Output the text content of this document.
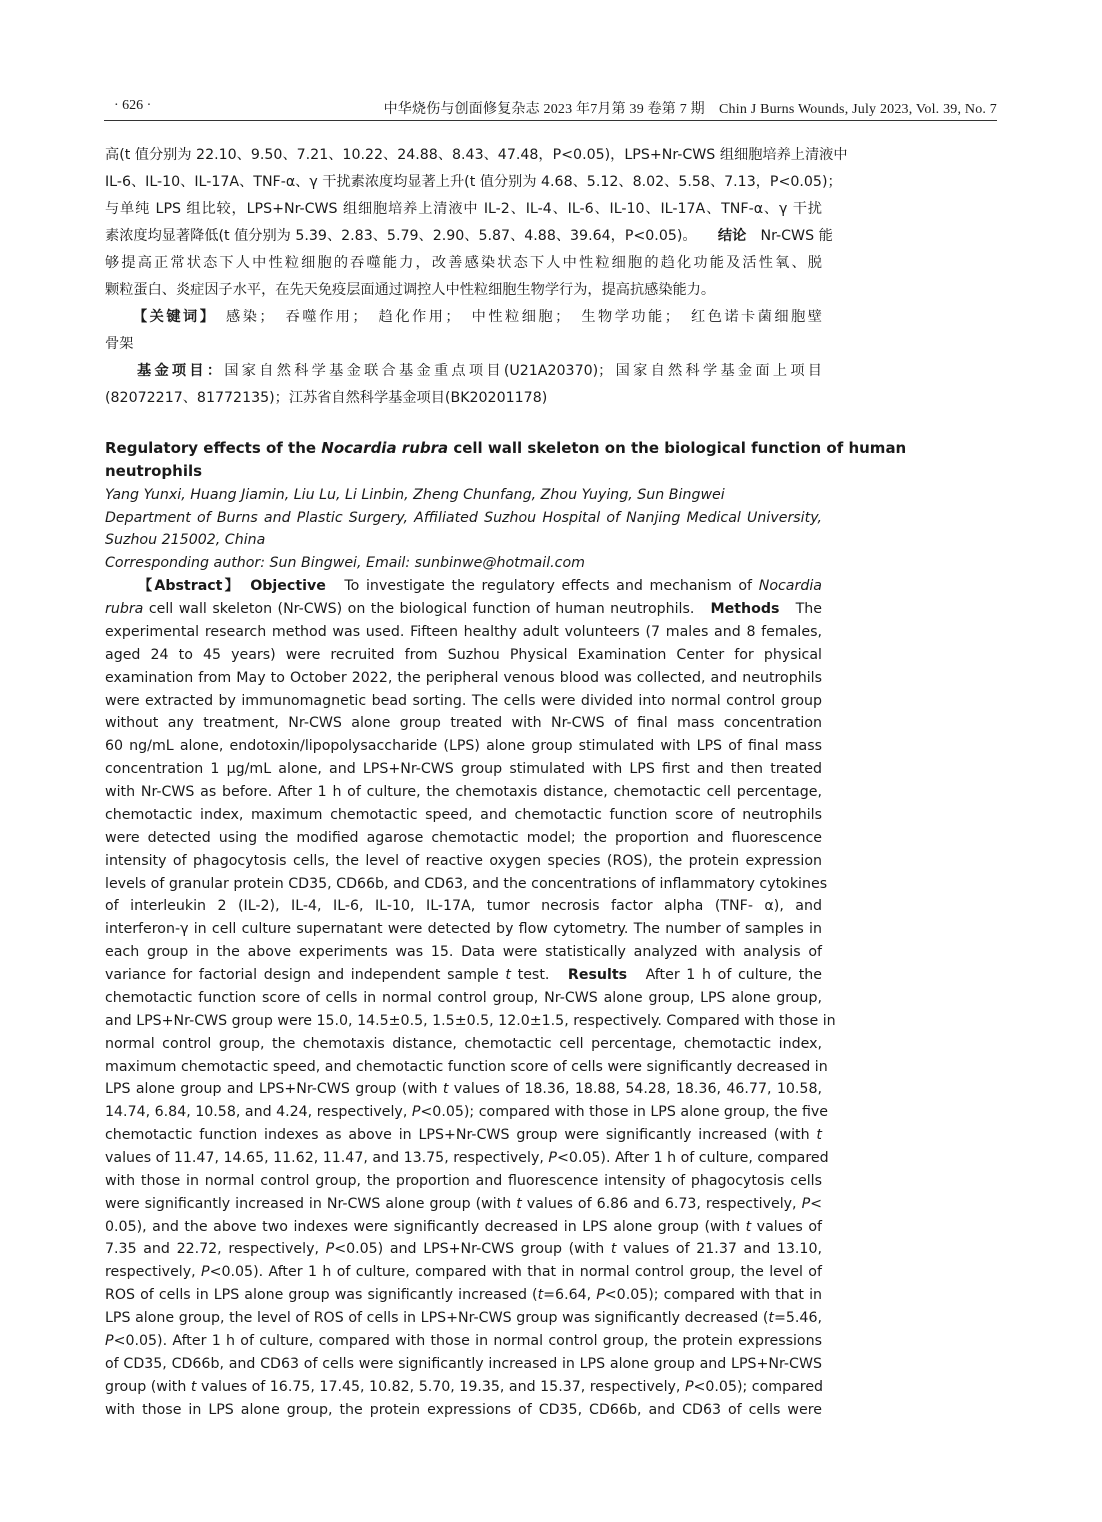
· 626 ·	中华烧伤与创面修复杂志 2023 年7月第 39 卷第 7 期　Chin J Burns Wounds, July 2023, Vol. 39, No. 7
高(t 值分别为 22.10、9.50、7.21、10.22、24.88、8.43、47.48，P<0.05)，LPS+Nr-CWS 组细胞培养上清液中
IL-6、IL-10、IL-17A、TNF-α、γ 干扰素浓度均显著上升(t 值分别为 4.68、5.12、8.02、5.58、7.13，P<0.05)；
与单纯 LPS 组比较，LPS+Nr-CWS 组细胞培养上清液中 IL-2、IL-4、IL-6、IL-10、IL-17A、TNF-α、γ 干扰
素浓度均显著降低(t 值分别为 5.39、2.83、5.79、2.90、5.87、4.88、39.64，P<0.05)。　　 结论　 Nr-CWS 能
够提高正常状态下人中性粒细胞的吞噬能力，改善感染状态下人中性粒细胞的趋化功能及活性氧、脱
颗粒蛋白、炎症因子水平，在先天免疫层面通过调控人中性粒细胞生物学行为，提高抗感染能力。
【关键词】　 感染；　吞噬作用；　趋化作用；　中性粒细胞；　生物学功能；　红色诺卡菌细胞壁
骨架
基金项目：国家自然科学基金联合基金重点项目(U21A20370)；国家自然科学基金面上项目
(82072217、81772135)；江苏省自然科学基金项目(BK20201178)
Regulatory effects of the Nocardia rubra cell wall skeleton on the biological function of human
neutrophils
Yang Yunxi, Huang Jiamin, Liu Lu, Li Linbin, Zheng Chunfang, Zhou Yuying, Sun Bingwei
Department of Burns and Plastic Surgery, Affiliated Suzhou Hospital of Nanjing Medical University,
Suzhou 215002, China
Corresponding author: Sun Bingwei, Email: sunbinwe@hotmail.com
【Abstract】　 Objective　 To investigate the regulatory effects and mechanism of Nocardia
rubra cell wall skeleton (Nr-CWS) on the biological function of human neutrophils.　 Methods　 The
experimental research method was used. Fifteen healthy adult volunteers (7 males and 8 females,
aged 24 to 45 years) were recruited from Suzhou Physical Examination Center for physical
examination from May to October 2022, the peripheral venous blood was collected, and neutrophils
were extracted by immunomagnetic bead sorting. The cells were divided into normal control group
without any treatment, Nr-CWS alone group treated with Nr-CWS of final mass concentration
60 ng/mL alone, endotoxin/lipopolysaccharide (LPS) alone group stimulated with LPS of final mass
concentration 1 μg/mL alone, and LPS+Nr-CWS group stimulated with LPS first and then treated
with Nr-CWS as before. After 1 h of culture, the chemotaxis distance, chemotactic cell percentage,
chemotactic index, maximum chemotactic speed, and chemotactic function score of neutrophils
were detected using the modified agarose chemotactic model; the proportion and fluorescence
intensity of phagocytosis cells, the level of reactive oxygen species (ROS), the protein expression
levels of granular protein CD35, CD66b, and CD63, and the concentrations of inflammatory cytokines
of interleukin 2 (IL-2), IL-4, IL-6, IL-10, IL-17A, tumor necrosis factor alpha (TNF- α), and
interferon-γ in cell culture supernatant were detected by flow cytometry. The number of samples in
each group in the above experiments was 15. Data were statistically analyzed with analysis of
variance for factorial design and independent sample t test.　 Results　 After 1 h of culture, the
chemotactic function score of cells in normal control group, Nr-CWS alone group, LPS alone group,
and LPS+Nr-CWS group were 15.0, 14.5±0.5, 1.5±0.5, 12.0±1.5, respectively. Compared with those in
normal control group, the chemotaxis distance, chemotactic cell percentage, chemotactic index,
maximum chemotactic speed, and chemotactic function score of cells were significantly decreased in
LPS alone group and LPS+Nr-CWS group (with t values of 18.36, 18.88, 54.28, 18.36, 46.77, 10.58,
14.74, 6.84, 10.58, and 4.24, respectively, P<0.05); compared with those in LPS alone group, the five
chemotactic function indexes as above in LPS+Nr-CWS group were significantly increased (with t
values of 11.47, 14.65, 11.62, 11.47, and 13.75, respectively, P<0.05). After 1 h of culture, compared
with those in normal control group, the proportion and fluorescence intensity of phagocytosis cells
were significantly increased in Nr-CWS alone group (with t values of 6.86 and 6.73, respectively, P<
0.05), and the above two indexes were significantly decreased in LPS alone group (with t values of
7.35 and 22.72, respectively, P<0.05) and LPS+Nr-CWS group (with t values of 21.37 and 13.10,
respectively, P<0.05). After 1 h of culture, compared with that in normal control group, the level of
ROS of cells in LPS alone group was significantly increased (t=6.64, P<0.05); compared with that in
LPS alone group, the level of ROS of cells in LPS+Nr-CWS group was significantly decreased (t=5.46,
P<0.05). After 1 h of culture, compared with those in normal control group, the protein expressions
of CD35, CD66b, and CD63 of cells were significantly increased in LPS alone group and LPS+Nr-CWS
group (with t values of 16.75, 17.45, 10.82, 5.70, 19.35, and 15.37, respectively, P<0.05); compared
with those in LPS alone group, the protein expressions of CD35, CD66b, and CD63 of cells were
